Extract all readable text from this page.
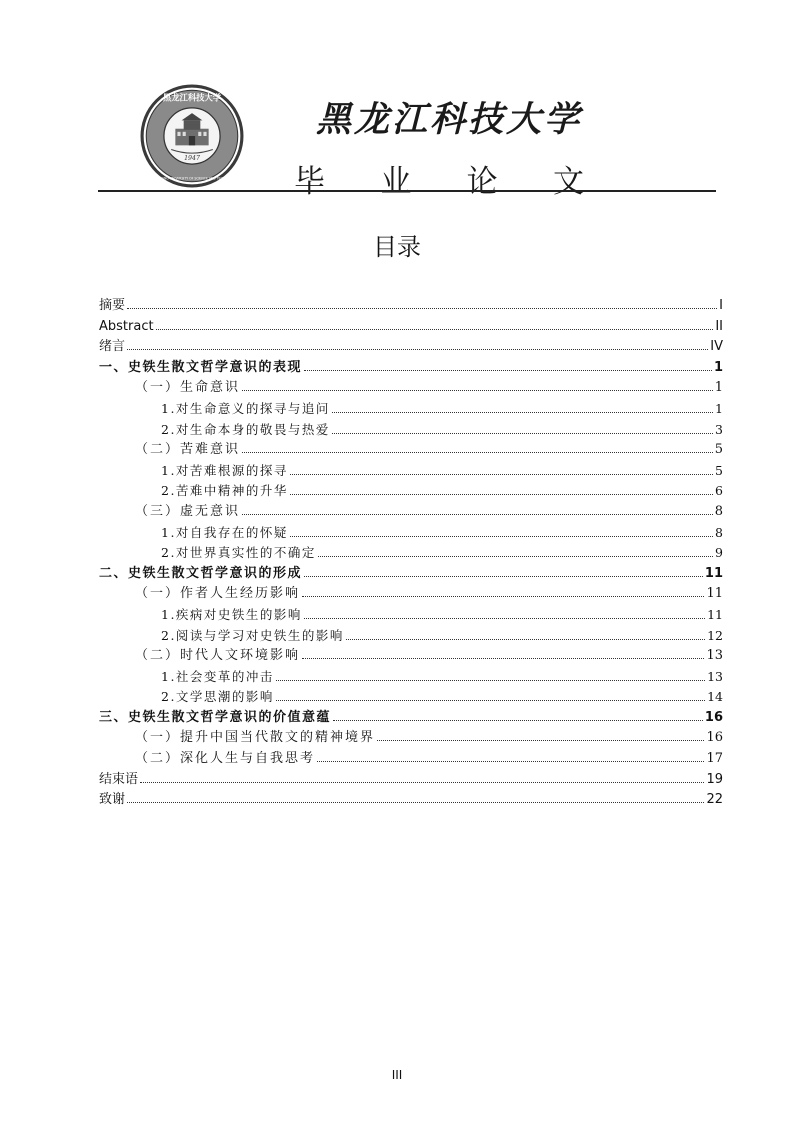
1947
黑龙江科技大学
HEILONGJIANG UNIVERSITY OF SCIENCE AND TECHNOLOGY
黑龙江科技大学
毕 业 论 文
目录
摘要	I
Abstract	II
绪言	IV
一、史铁生散文哲学意识的表现	1
（一）生命意识	1
1.对生命意义的探寻与追问	1
2.对生命本身的敬畏与热爱	3
（二）苦难意识	5
1.对苦难根源的探寻	5
2.苦难中精神的升华	6
（三）虚无意识	8
1.对自我存在的怀疑	8
2.对世界真实性的不确定	9
二、史铁生散文哲学意识的形成	11
（一）作者人生经历影响	11
1.疾病对史铁生的影响	11
2.阅读与学习对史铁生的影响	12
（二）时代人文环境影响	13
1.社会变革的冲击	13
2.文学思潮的影响	14
三、史铁生散文哲学意识的价值意蕴	16
（一）提升中国当代散文的精神境界	16
（二）深化人生与自我思考	17
结束语	19
致谢	22
III
